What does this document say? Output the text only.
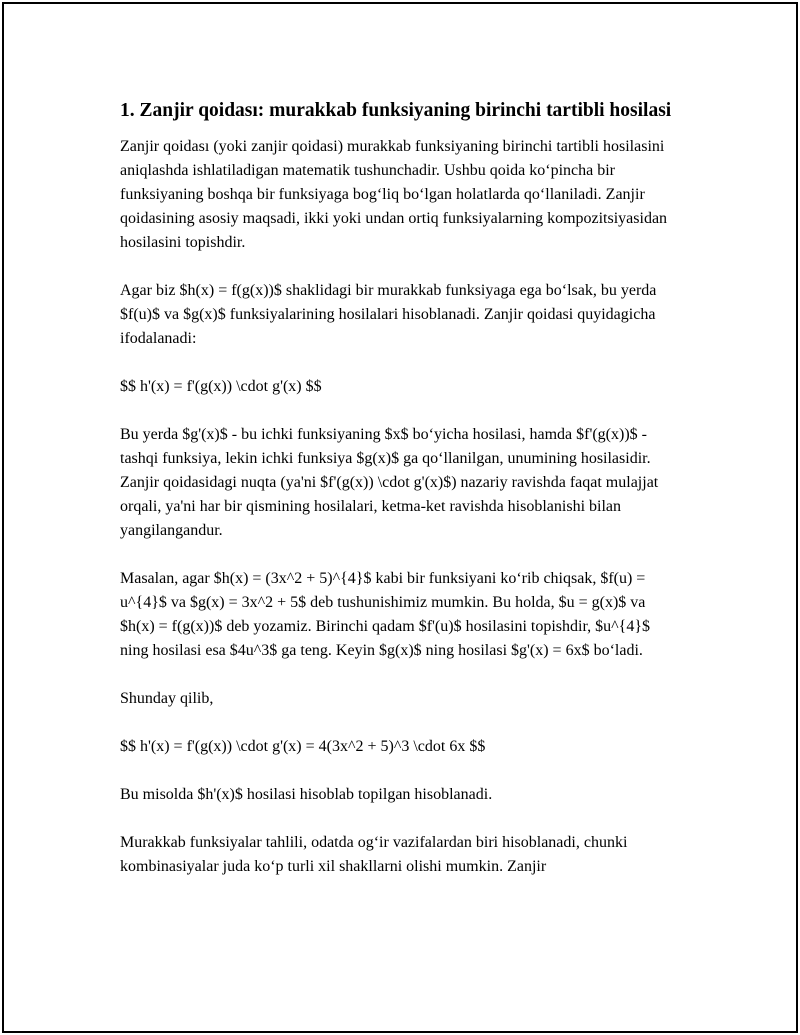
1. Zanjir qoidası: murakkab funksiyaning birinchi tartibli hosilasi

Zanjir qoidası (yoki zanjir qoidasi) murakkab funksiyaning birinchi tartibli hosilasini aniqlashda ishlatiladigan matematik tushunchadir. Ushbu qoida ko‘pincha bir funksiyaning boshqa bir funksiyaga bog‘liq bo‘lgan holatlarda qo‘llaniladi. Zanjir qoidasining asosiy maqsadi, ikki yoki undan ortiq funksiyalarning kompozitsiyasidan hosilasini topishdir.

Agar biz $h(x) = f(g(x))$ shaklidagi bir murakkab funksiyaga ega bo‘lsak, bu yerda $f(u)$ va $g(x)$ funksiyalarining hosilalari hisoblanadi. Zanjir qoidasi quyidagicha ifodalanadi:

$$ h'(x) = f'(g(x)) \cdot g'(x) $$

Bu yerda $g'(x)$ - bu ichki funksiyaning $x$ bo‘yicha hosilasi, hamda $f'(g(x))$ - tashqi funksiya, lekin ichki funksiya $g(x)$ ga qo‘llanilgan, unumining hosilasidir. Zanjir qoidasidagi nuqta (ya'ni $f'(g(x)) \cdot g'(x)$) nazariy ravishda faqat mulajjat orqali, ya'ni har bir qismining hosilalari, ketma-ket ravishda hisoblanishi bilan yangilangandur.

Masalan, agar $h(x) = (3x^2 + 5)^{4}$ kabi bir funksiyani ko‘rib chiqsak, $f(u) = u^{4}$ va $g(x) = 3x^2 + 5$ deb tushunishimiz mumkin. Bu holda, $u = g(x)$ va $h(x) = f(g(x))$ deb yozamiz. Birinchi qadam $f'(u)$ hosilasini topishdir, $u^{4}$ ning hosilasi esa $4u^3$ ga teng. Keyin $g(x)$ ning hosilasi $g'(x) = 6x$ bo‘ladi.

Shunday qilib,

$$ h'(x) = f'(g(x)) \cdot g'(x) = 4(3x^2 + 5)^3 \cdot 6x $$

Bu misolda $h'(x)$ hosilasi hisoblab topilgan hisoblanadi.

Murakkab funksiyalar tahlili, odatda og‘ir vazifalardan biri hisoblanadi, chunki kombinasiyalar juda ko‘p turli xil shakllarni olishi mumkin. Zanjir
